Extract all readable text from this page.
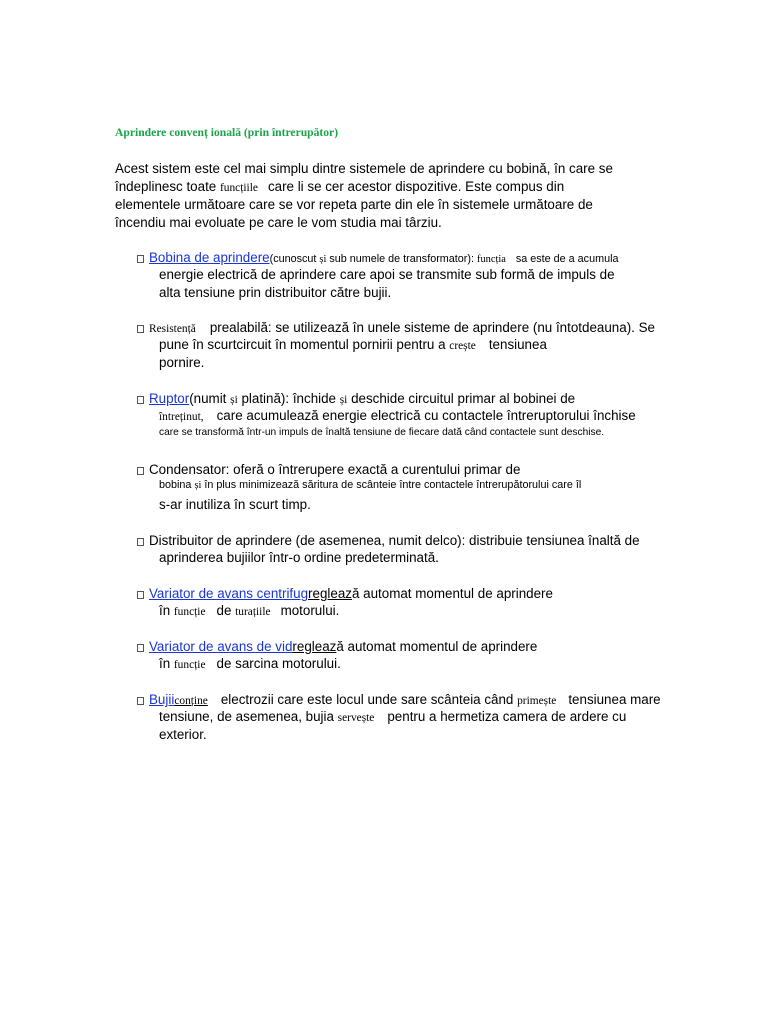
Aprindere convenț ională (prin întrerupător)
Acest sistem este cel mai simplu dintre sistemele de aprindere cu bobină, în care se
îndeplinesc toate funcțiile care li se cer acestor dispozitive. Este compus din
elementele următoare care se vor repeta parte din ele în sistemele următoare de
încendiu mai evoluate pe care le vom studia mai târziu.
Bobina de aprindere(cunoscut și sub numele de transformator): funcția sa este de a acumula
energie electrică de aprindere care apoi se transmite sub formă de impuls de
alta tensiune prin distribuitor către bujii.
Resistență prealabilă: se utilizează în unele sisteme de aprindere (nu întotdeauna). Se
pune în scurtcircuit în momentul pornirii pentru a crește tensiunea
pornire.
Ruptor(numit și platină): închide și deschide circuitul primar al bobinei de
întreținut, care acumulează energie electrică cu contactele întreruptorului închise
care se transformă într-un impuls de înaltă tensiune de fiecare dată când contactele sunt deschise.
Condensator: oferă o întrerupere exactă a curentului primar de
bobina și în plus minimizează săritura de scânteie între contactele întrerupătorului care îl
s-ar inutiliza în scurt timp.
Distribuitor de aprindere (de asemenea, numit delco): distribuie tensiunea înaltă de
aprinderea bujiilor într-o ordine predeterminată.
Variator de avans centrifugreglează automat momentul de aprindere
în funcție de turațiile motorului.
Variator de avans de vidreglează automat momentul de aprindere
în funcție de sarcina motorului.
Bujiiconține electrozii care este locul unde sare scânteia când primește tensiunea mare
tensiune, de asemenea, bujia servește pentru a hermetiza camera de ardere cu
exterior.
